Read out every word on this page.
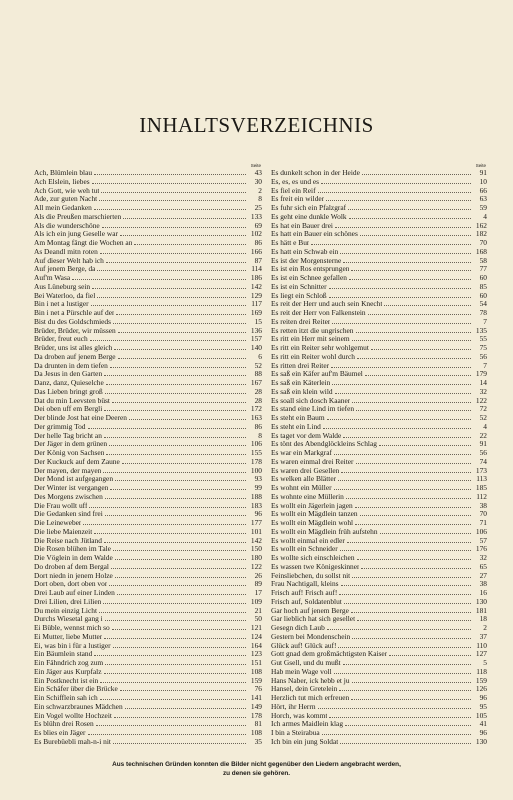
INHALTSVERZEICHNIS
Seite
Ach, Blümlein blau	43
Ach Elslein, liebes	30
Ach Gott, wie weh tut	2
Ade, zur guten Nacht	8
All mein Gedanken	25
Als die Preußen marschierten	133
Als die wunderschöne	69
Als ich ein jung Geselle war	102
Am Montag fängt die Wochen an	86
As Deandl mitn roten	166
Auf dieser Welt hab ich	87
Auf jenem Berge, da	114
Auf'm Wasa	186
Aus Lüneburg sein	142
Bei Waterloo, da fiel	129
Bin i net a lustiger	117
Bin i net a Pürschle auf der	169
Bist du des Goldschmieds	15
Brüder, Brüder, wir müssen	136
Brüder, freut euch	157
Brüder, uns ist alles gleich	140
Da droben auf jenem Berge	6
Da drunten in dem tiefen	52
Da Jesus in den Garten	88
Danz, danz, Quieselche	167
Das Lieben bringt groß	28
Dat du min Leevsten büst	28
Dei oben uff em Bergli	172
Der blinde Jost hat eine Deeren	163
Der grimmig Tod	86
Der helle Tag bricht an	8
Der Jäger in dem grünen	106
Der König von Sachsen	155
Der Kuckuck auf dem Zaune	178
Der mayen, der mayen	100
Der Mond ist aufgegangen	93
Der Winter ist vergangen	99
Des Morgens zwischen	188
Die Frau wollt uff	183
Die Gedanken sind frei	96
Die Leineweber	177
Die liebe Maienzeit	101
Die Reise nach Jütland	142
Die Rosen blühen im Tale	150
Die Vöglein in dem Walde	180
Do droben af dem Bergal	122
Dort niedn in jenem Holze	26
Dort oben, dort oben vor	89
Drei Laub auf einer Linden	17
Drei Lilien, drei Lilien	109
Du mein einzig Licht	21
Durchs Wiesetal gang i	50
Ei Büble, wennst mich so	121
Ei Mutter, liebe Mutter	124
Ei, was bin i für a lustiger	164
Ein Bäumlein stand	123
Ein Fähndrich zog zum	151
Ein Jäger aus Kurpfalz	108
Ein Postknecht ist ein	159
Ein Schäfer über die Brücke	76
Ein Schifflein sah ich	141
Ein schwarzbraunes Mädchen	149
Ein Vogel wollte Hochzeit	178
Es blühn drei Rosen	81
Es blies ein Jäger	108
Es Burebüebli mah-n-i nit	35
Seite
Es dunkelt schon in der Heide	91
Es, es, es und es	10
Es fiel ein Reif	66
Es freit ein wilder	63
Es fuhr sich ein Pfalzgraf	59
Es geht eine dunkle Wolk	4
Es hat ein Bauer drei	162
Es hatt ein Bauer ein schönes	182
Es hätt e Bur	70
Es hatt ein Schwab ein	168
Es ist der Morgensterne	58
Es ist ein Ros entsprungen	77
Es ist ein Schnee gefallen	60
Es ist ein Schnitter	85
Es liegt ein Schloß	60
Es reit der Herr und auch sein Knecht	54
Es reit der Herr von Falkenstein	78
Es reiten drei Reiter	7
Es retten itzt die ungrischen	135
Es ritt ein Herr mit seinem	55
Es ritt ein Reiter sehr wohlgemut	75
Es ritt ein Reiter wohl durch	56
Es ritten drei Reiter	7
Es saß ein Käfer auf'm Bäumel	179
Es saß ein Käterlein	14
Es saß ein klein wild	32
Es soall sich dosch Kaaner	122
Es stand eine Lind im tiefen	72
Es steht ein Baum	52
Es steht ein Lind	4
Es taget vor dem Walde	22
Es tönt des Abendglöckleins Schlag	91
Es war ein Markgraf	56
Es waren einmal drei Reiter	74
Es waren drei Gesellen	173
Es welken alle Blätter	113
Es wohnt ein Müller	185
Es wohnte eine Müllerin	112
Es wollt ein Jägerlein jagen	38
Es wollt ein Mägdlein tanzen	70
Es wollt ein Mägdlein wohl	71
Es wollt ein Mägdlein früh aufstehn	106
Es wollt einmal ein edler	57
Es wollt ein Schneider	176
Es wollte sich einschleichen	32
Es wassen twe Königeskinner	65
Feinsliebchen, du sollst nit	27
Frau Nachtigall, kleins	38
Frisch auf! Frisch auf!	16
Frisch auf, Soldatenblut	130
Gar hoch auf jenem Berge	181
Gar lieblich hat sich gesellet	18
Gesegn dich Laub	2
Gestern bei Mondenschein	37
Glück auf! Glück auf!	110
Gott gnad dem großmächtigsten Kaiser	127
Gut Gsell, und du mußt	5
Hab mein Wage voll	118
Hans Naber, ick hebb et ju	159
Hansel, dein Gretelein	126
Herzlich tut mich erfreuen	96
Hört, ihr Herrn	95
Horch, was kommt	105
Ich armes Maidlein klag	41
I bin a Steirabua	96
Ich bin ein jung Soldat	130
Aus technischen Gründen konnten die Bilder nicht gegenüber den Liedern angebracht werden,
zu denen sie gehören.
